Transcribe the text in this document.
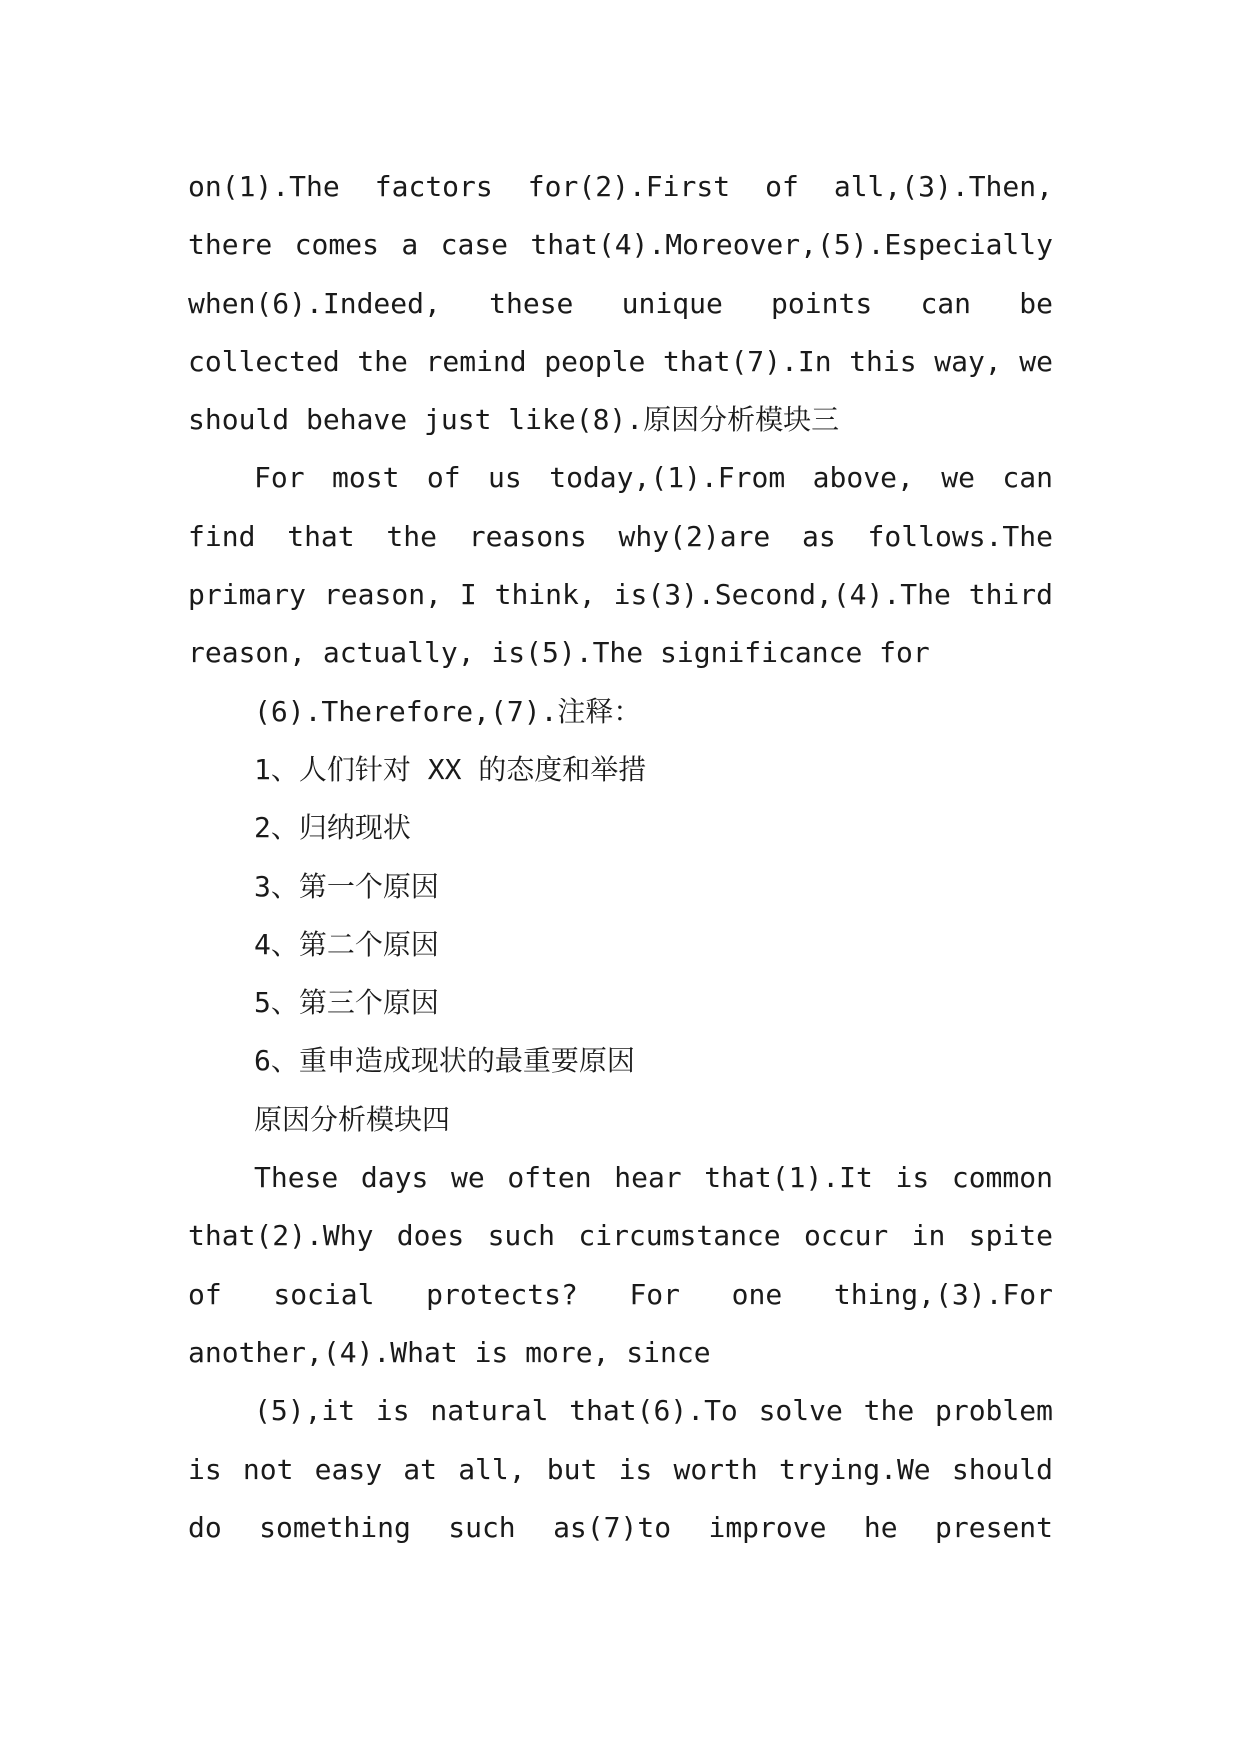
on(1).The factors for(2).First of all,(3).Then,

there comes a case that(4).Moreover,(5).Especially

when(6).Indeed, these unique points can be

collected the remind people that(7).In this way, we

should behave just like(8).原因分析模块三

For most of us today,(1).From above, we can

find that the reasons why(2)are as follows.The

primary reason, I think, is(3).Second,(4).The third

reason, actually, is(5).The significance for

(6).Therefore,(7).注释：

1、人们针对 XX 的态度和举措

2、归纳现状

3、第一个原因

4、第二个原因

5、第三个原因

6、重申造成现状的最重要原因

原因分析模块四

These days we often hear that(1).It is common

that(2).Why does such circumstance occur in spite

of social protects? For one thing,(3).For

another,(4).What is more, since

(5),it is natural that(6).To solve the problem

is not easy at all, but is worth trying.We should

do something such as(7)to improve he present
